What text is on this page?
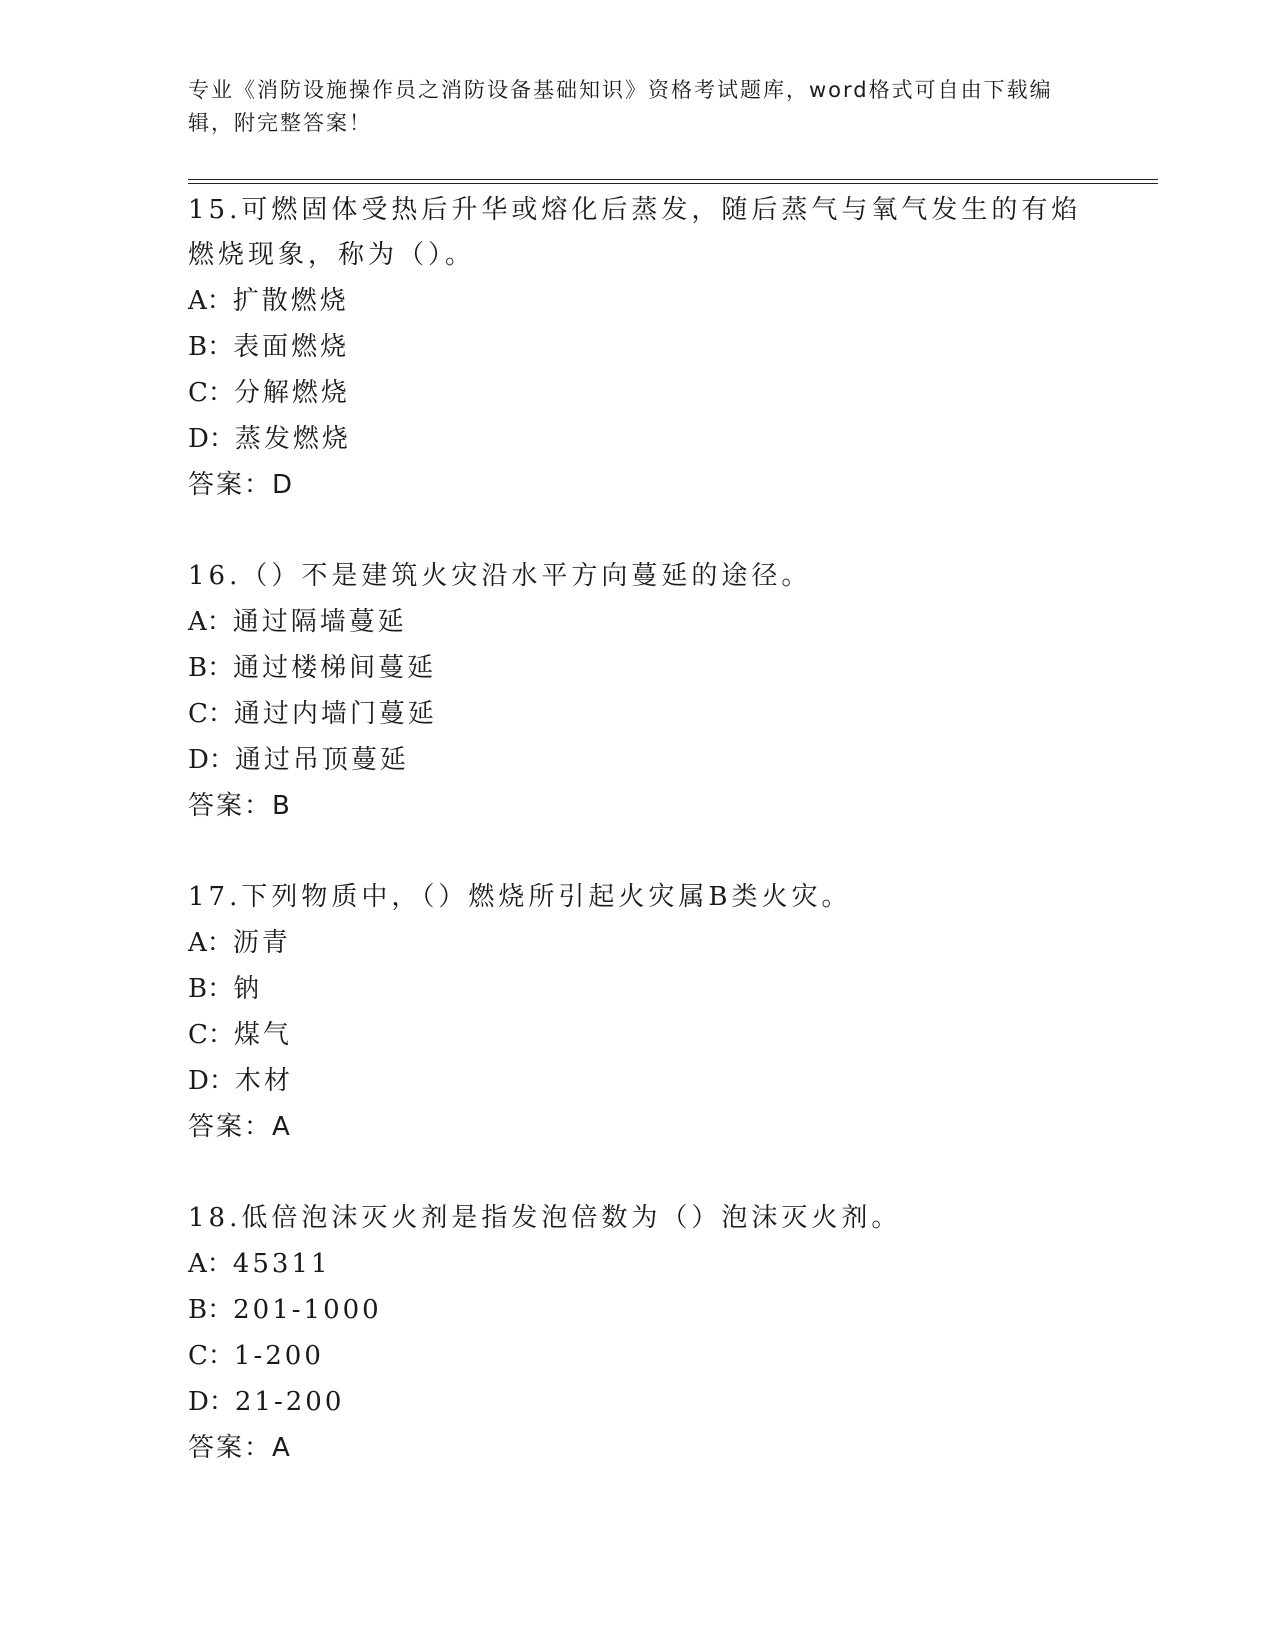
专业《消防设施操作员之消防设备基础知识》资格考试题库，word格式可自由下载编辑，附完整答案！

15.可燃固体受热后升华或熔化后蒸发，随后蒸气与氧气发生的有焰燃烧现象，称为（）。

A：扩散燃烧

B：表面燃烧

C：分解燃烧

D：蒸发燃烧

答案：D

16.（）不是建筑火灾沿水平方向蔓延的途径。

A：通过隔墙蔓延

B：通过楼梯间蔓延

C：通过内墙门蔓延

D：通过吊顶蔓延

答案：B

17.下列物质中，（）燃烧所引起火灾属B类火灾。

A：沥青

B：钠

C：煤气

D：木材

答案：A

18.低倍泡沫灭火剂是指发泡倍数为（）泡沫灭火剂。

A：45311

B：201-1000

C：1-200

D：21-200

答案：A
